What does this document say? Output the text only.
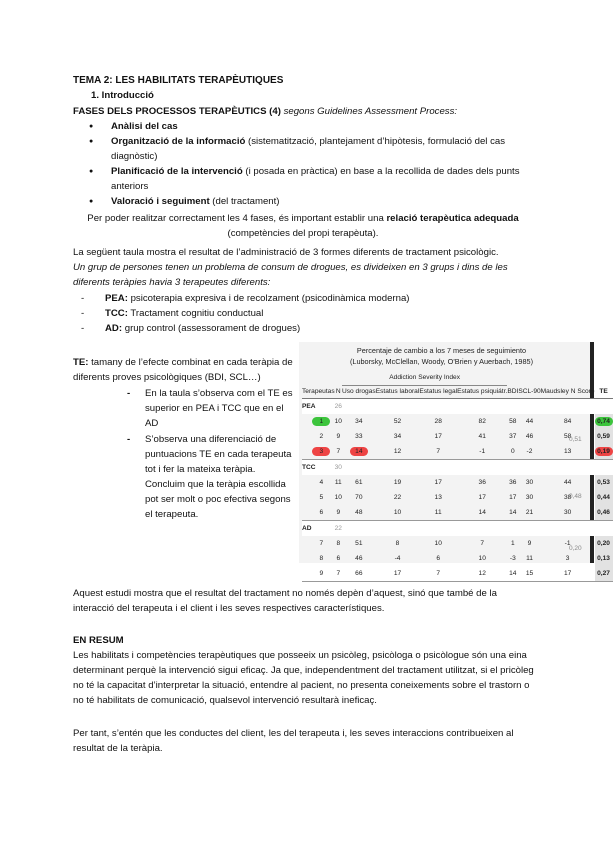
TEMA 2: LES HABILITATS TERAPÈUTIQUES
1. Introducció
FASES DELS PROCESSOS TERAPÈUTICS (4) segons Guidelines Assessment Process:
● Anàlisi del cas
● Organització de la informació (sistematització, plantejament d’hipòtesis, formulació del cas diagnòstic)
● Planificació de la intervenció (i posada en pràctica) en base a la recollida de dades dels punts anteriors
● Valoració i seguiment (del tractament)
Per poder realitzar correctament les 4 fases, és important establir una relació terapèutica adequada
(competències del propi terapèuta).
La següent taula mostra el resultat de l’administració de 3 formes diferents de tractament psicològic.
Un grup de persones tenen un problema de consum de drogues, es divideixen en 3 grups i dins de les diferents teràpies havia 3 terapeutes diferents:
- PEA: psicoterapia expresiva i de recolzament (psicodinàmica moderna)
- TCC: Tractament cognitiu conductual
- AD: grup control (assessorament de drogues)
TE: tamany de l’efecte combinat en cada teràpia de diferents proves psicològiques (BDI, SCL…)
- En la taula s’observa com el TE es superior en PEA i TCC que en el AD
- S’observa una diferenciació de puntuacions TE en cada terapeuta tot i fer la mateixa teràpia. Concluim que la teràpia escollida pot ser molt o poc efectiva segons el terapeuta.
Percentaje de cambio a los 7 meses de seguimiento
(Luborsky, McClellan, Woody, O'Brien y Auerbach, 1985)
		Addiction Severity Index							
Terapeutas	N	Uso drogas	Estatus laboral	Estatus legal	Estatus psiquiátr.	BDI	SCL-90	Maudsley N Score	TE
PEA	26								
1	10	34	52	28	82	58	44	84	0,74
2	9	33	34	17	41	37	46	58	0,59
3	7	14	12	7	-1	0	-2	13	0,19
TCC	30								
4	11	61	19	17	36	36	30	44	0,53
5	10	70	22	13	17	17	30	38	0,44
6	9	48	10	11	14	14	21	30	0,46
AD	22								
7	8	51	8	10	7	1	9	-1	0,20
8	6	46	-4	6	10	-3	11	3	0,13
9	7	66	17	7	12	14	15	17	0,27
0,51
0,48
0,20
Aquest estudi mostra que el resultat del tractament no només depèn d’aquest, sinó que també de la interacció del terapeuta i el client i les seves respectives característiques.
EN RESUM
Les habilitats i competències terapèutiques que posseeix un psicòleg, psicòloga o psicòlogue són una eina determinant perquè la intervenció sigui eficaç. Ja que, independentment del tractament utilitzat, si el pricòleg no té la capacitat d’interpretar la situació, entendre al pacient, no presenta coneixements sobre el trastorn o no té habilitats de comunicació, qualsevol intervenció resultarà ineficaç.
Per tant, s’entén que les conductes del client, les del terapeuta i, les seves interaccions contribueixen al resultat de la teràpia.
